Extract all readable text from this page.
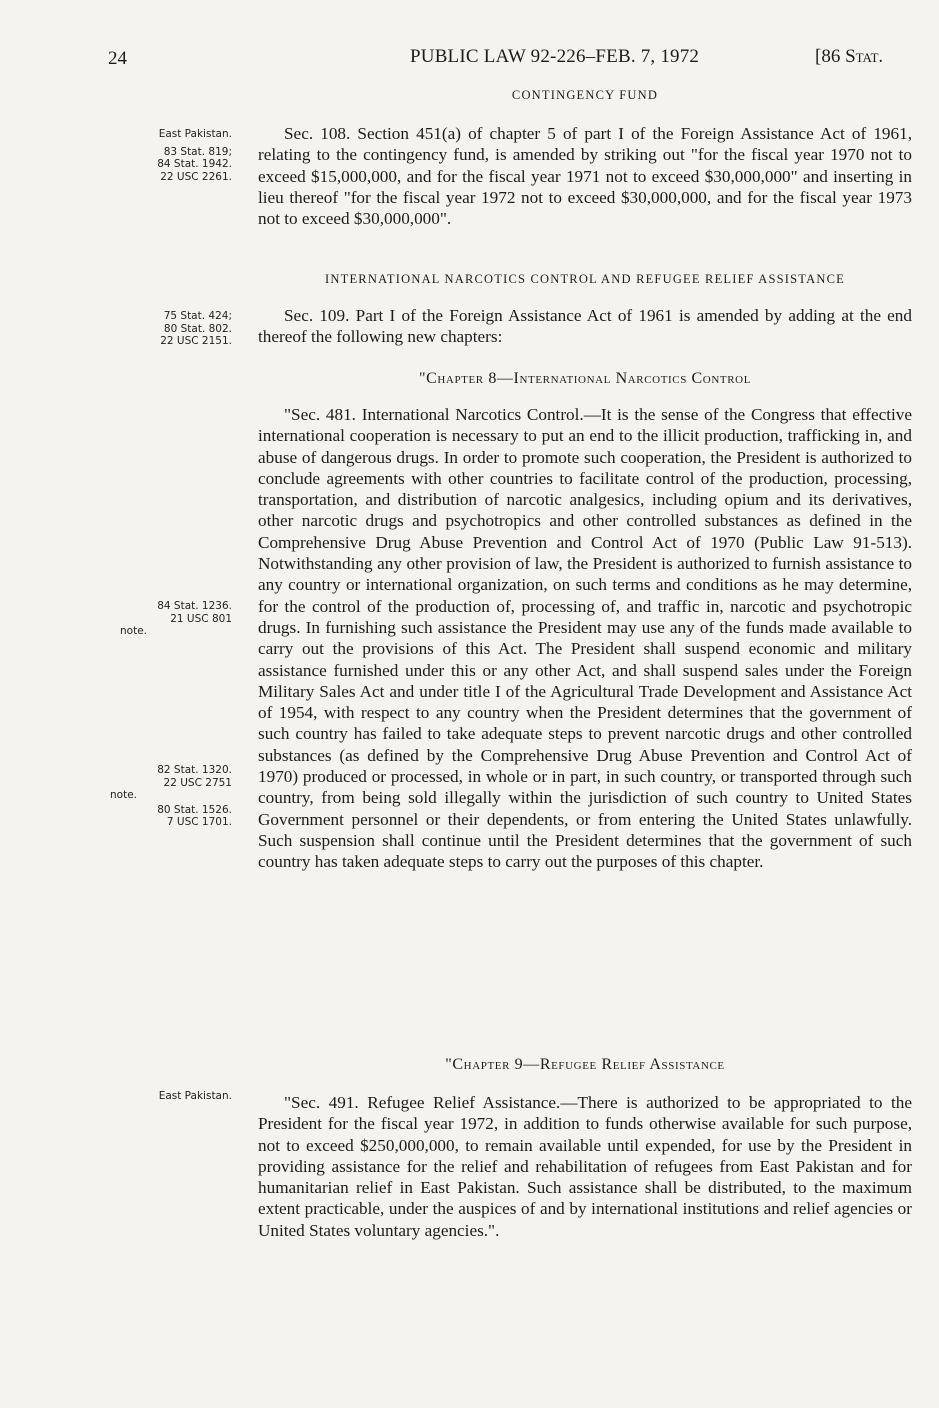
24	PUBLIC LAW 92-226–FEB. 7, 1972	[86 Stat.
CONTINGENCY FUND
East Pakistan.
83 Stat. 819;
84 Stat. 1942.
22 USC 2261.

Sec. 108. Section 451(a) of chapter 5 of part I of the Foreign Assistance Act of 1961, relating to the contingency fund, is amended by striking out "for the fiscal year 1970 not to exceed $15,000,000, and for the fiscal year 1971 not to exceed $30,000,000" and inserting in lieu thereof "for the fiscal year 1972 not to exceed $30,000,000, and for the fiscal year 1973 not to exceed $30,000,000".

INTERNATIONAL NARCOTICS CONTROL AND REFUGEE RELIEF ASSISTANCE
75 Stat. 424;
80 Stat. 802.
22 USC 2151.

Sec. 109. Part I of the Foreign Assistance Act of 1961 is amended by adding at the end thereof the following new chapters:

"Chapter 8—International Narcotics Control
84 Stat. 1236.
21 USC 801
note.
82 Stat. 1320.
22 USC 2751
note.
80 Stat. 1526.
7 USC 1701.

"Sec. 481. International Narcotics Control.—It is the sense of the Congress that effective international cooperation is necessary to put an end to the illicit production, trafficking in, and abuse of dangerous drugs. In order to promote such cooperation, the President is authorized to conclude agreements with other countries to facilitate control of the production, processing, transportation, and distribution of narcotic analgesics, including opium and its derivatives, other narcotic drugs and psychotropics and other controlled substances as defined in the Comprehensive Drug Abuse Prevention and Control Act of 1970 (Public Law 91-513). Notwithstanding any other provision of law, the President is authorized to furnish assistance to any country or international organization, on such terms and conditions as he may determine, for the control of the production of, processing of, and traffic in, narcotic and psychotropic drugs. In furnishing such assistance the President may use any of the funds made available to carry out the provisions of this Act. The President shall suspend economic and military assistance furnished under this or any other Act, and shall suspend sales under the Foreign Military Sales Act and under title I of the Agricultural Trade Development and Assistance Act of 1954, with respect to any country when the President determines that the government of such country has failed to take adequate steps to prevent narcotic drugs and other controlled substances (as defined by the Comprehensive Drug Abuse Prevention and Control Act of 1970) produced or processed, in whole or in part, in such country, or transported through such country, from being sold illegally within the jurisdiction of such country to United States Government personnel or their dependents, or from entering the United States unlawfully. Such suspension shall continue until the President determines that the government of such country has taken adequate steps to carry out the purposes of this chapter.

"Chapter 9—Refugee Relief Assistance
East Pakistan.	"Sec. 491. Refugee Relief Assistance.—There is authorized to be appropriated to the President for the fiscal year 1972, in addition to funds otherwise available for such purpose, not to exceed $250,000,000, to remain available until expended, for use by the President in providing assistance for the relief and rehabilitation of refugees from East Pakistan and for humanitarian relief in East Pakistan. Such assistance shall be distributed, to the maximum extent practicable, under the auspices of and by international institutions and relief agencies or United States voluntary agencies.".
